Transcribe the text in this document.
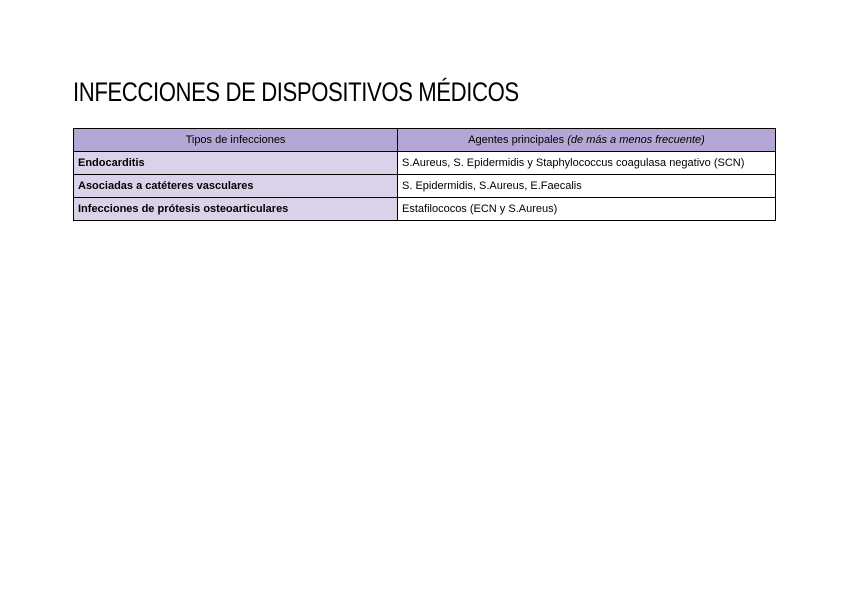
INFECCIONES DE DISPOSITIVOS MÉDICOS
Tipos de infecciones	Agentes principales (de más a menos frecuente)
Endocarditis	S.Aureus, S. Epidermidis y Staphylococcus coagulasa negativo (SCN)
Asociadas a catéteres vasculares	S. Epidermidis, S.Aureus, E.Faecalis
Infecciones de prótesis osteoarticulares	Estafilococos (ECN y S.Aureus)
